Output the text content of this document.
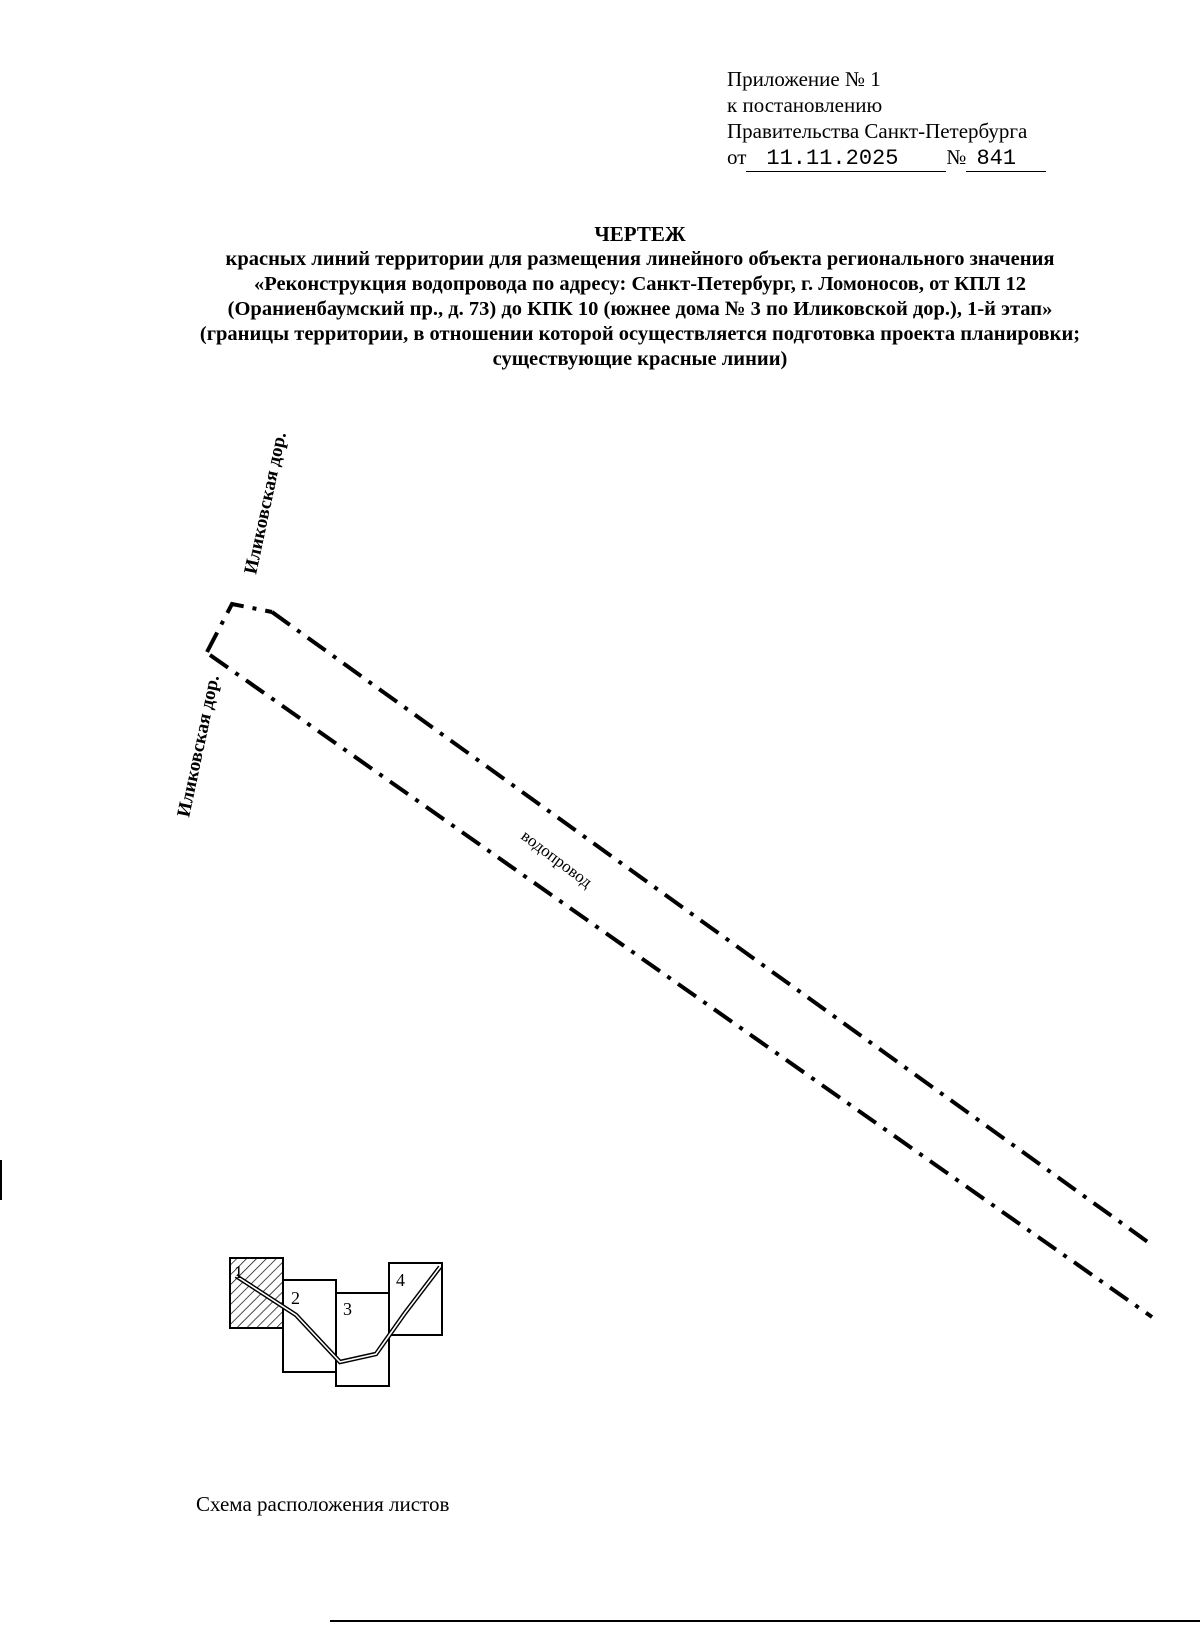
Приложение № 1
к постановлению
Правительства Санкт-Петербурга
от 11.11.2025	№ 841
ЧЕРТЕЖ
красных линий территории для размещения линейного объекта регионального значения
«Реконструкция водопровода по адресу: Санкт-Петербург, г. Ломоносов, от КПЛ 12
(Ораниенбаумский пр., д. 73) до КПК 10 (южнее дома № 3 по Иликовской дор.), 1-й этап»
(границы территории, в отношении которой осуществляется подготовка проекта планировки;
существующие красные линии)
Иликовская дор.
Иликовская дор.
водопровод
1
2
3
4
Схема расположения листов
